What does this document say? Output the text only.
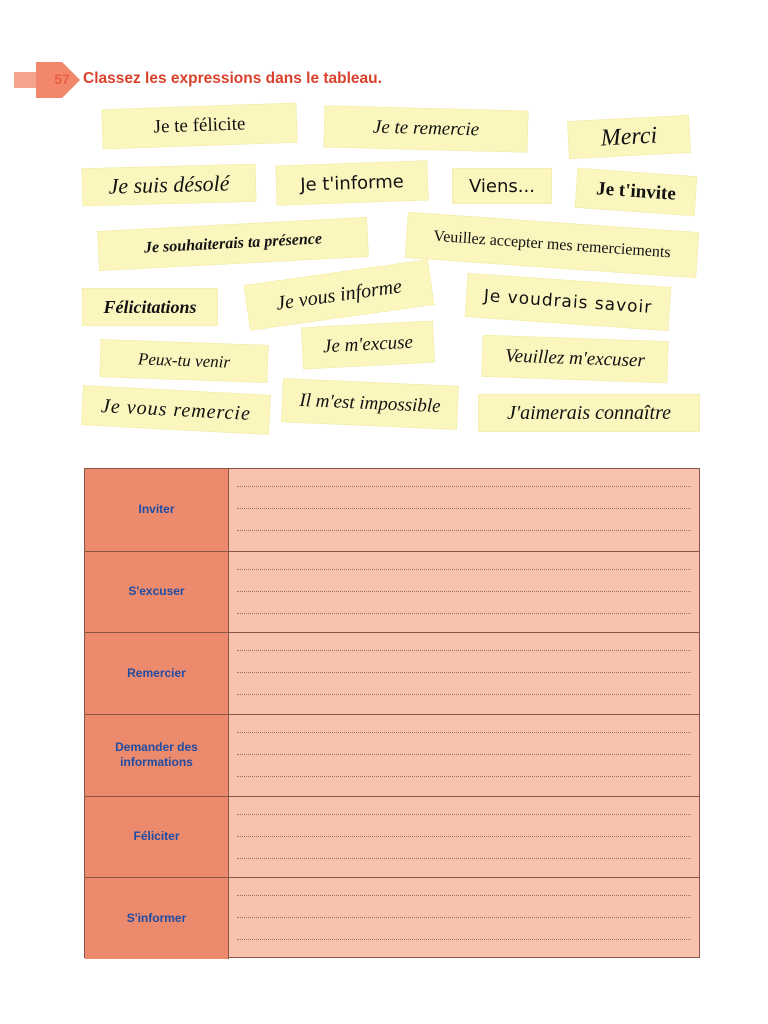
57 Classez les expressions dans le tableau.
Je te félicite	Je te remercie	Merci
Je suis désolé	Je t'informe	Viens...	Je t'invite
Je souhaiterais ta présence	Veuillez accepter mes remerciements
Félicitations	Je vous informe	Je voudrais savoir
Peux-tu venir
Je m'excuse
Veuillez m'excuser
Je vous remercie	Il m'est impossible	J'aimerais connaître
Inviter
S'excuser
Remercier
Demander des
informations
Féliciter
S'informer
